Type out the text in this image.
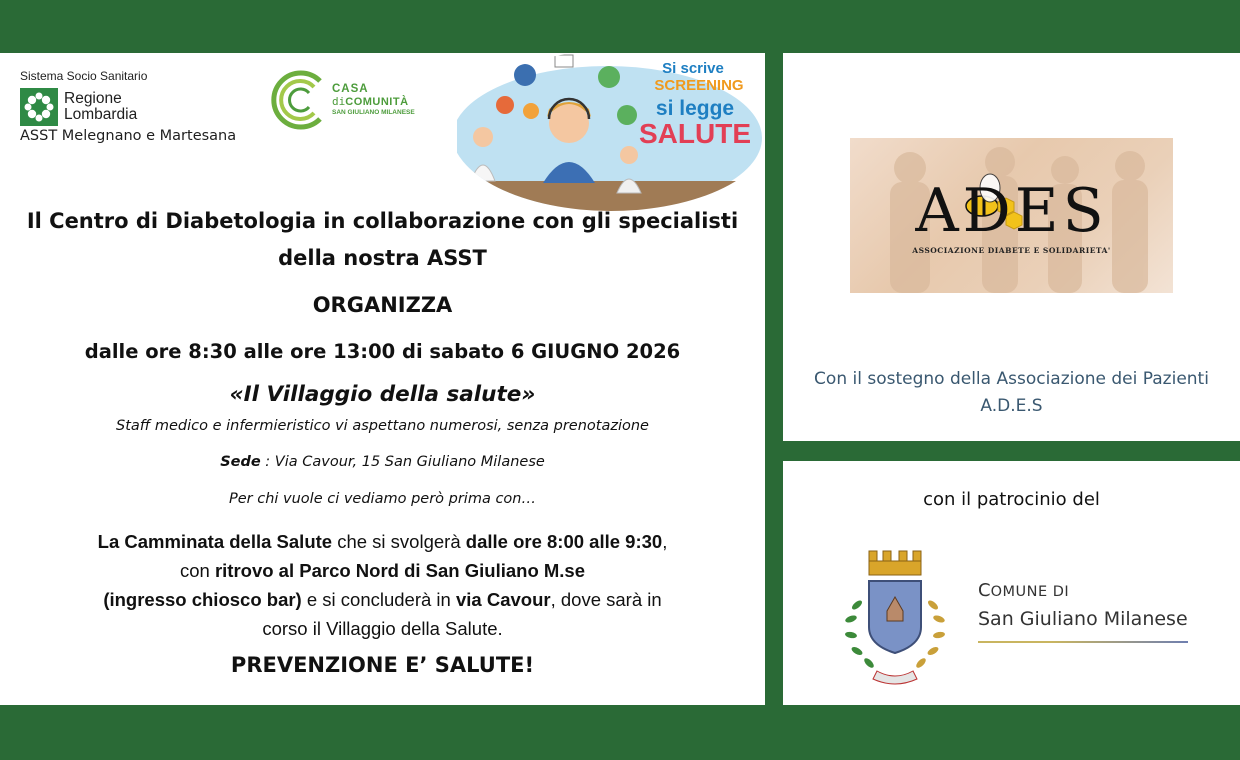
Sistema Socio Sanitario
Regione
Lombardia
ASST Melegnano e Martesana
CASA
diCOMUNITÀ
SAN GIULIANO MILANESE
Si scrive
SCREENING
si legge
SALUTE
Il Centro di Diabetologia in collaborazione con gli specialisti
della nostra ASST
ORGANIZZA
dalle ore 8:30 alle ore 13:00 di sabato 6 GIUGNO 2026
«Il Villaggio della salute»
Staff medico e infermieristico vi aspettano numerosi, senza prenotazione
Sede : Via Cavour, 15 San Giuliano Milanese
Per chi vuole ci vediamo però prima con…
La Camminata della Salute che si svolgerà dalle ore 8:00 alle 9:30,
con ritrovo al Parco Nord di San Giuliano M.se
(ingresso chiosco bar) e si concluderà in via Cavour, dove sarà in
corso il Villaggio della Salute.
PREVENZIONE E’ SALUTE!
ADES
ASSOCIAZIONE DIABETE E SOLIDARIETA'
Con il sostegno della Associazione dei Pazienti
A.D.E.S
con il patrocinio del
COMUNE DI
San Giuliano Milanese
